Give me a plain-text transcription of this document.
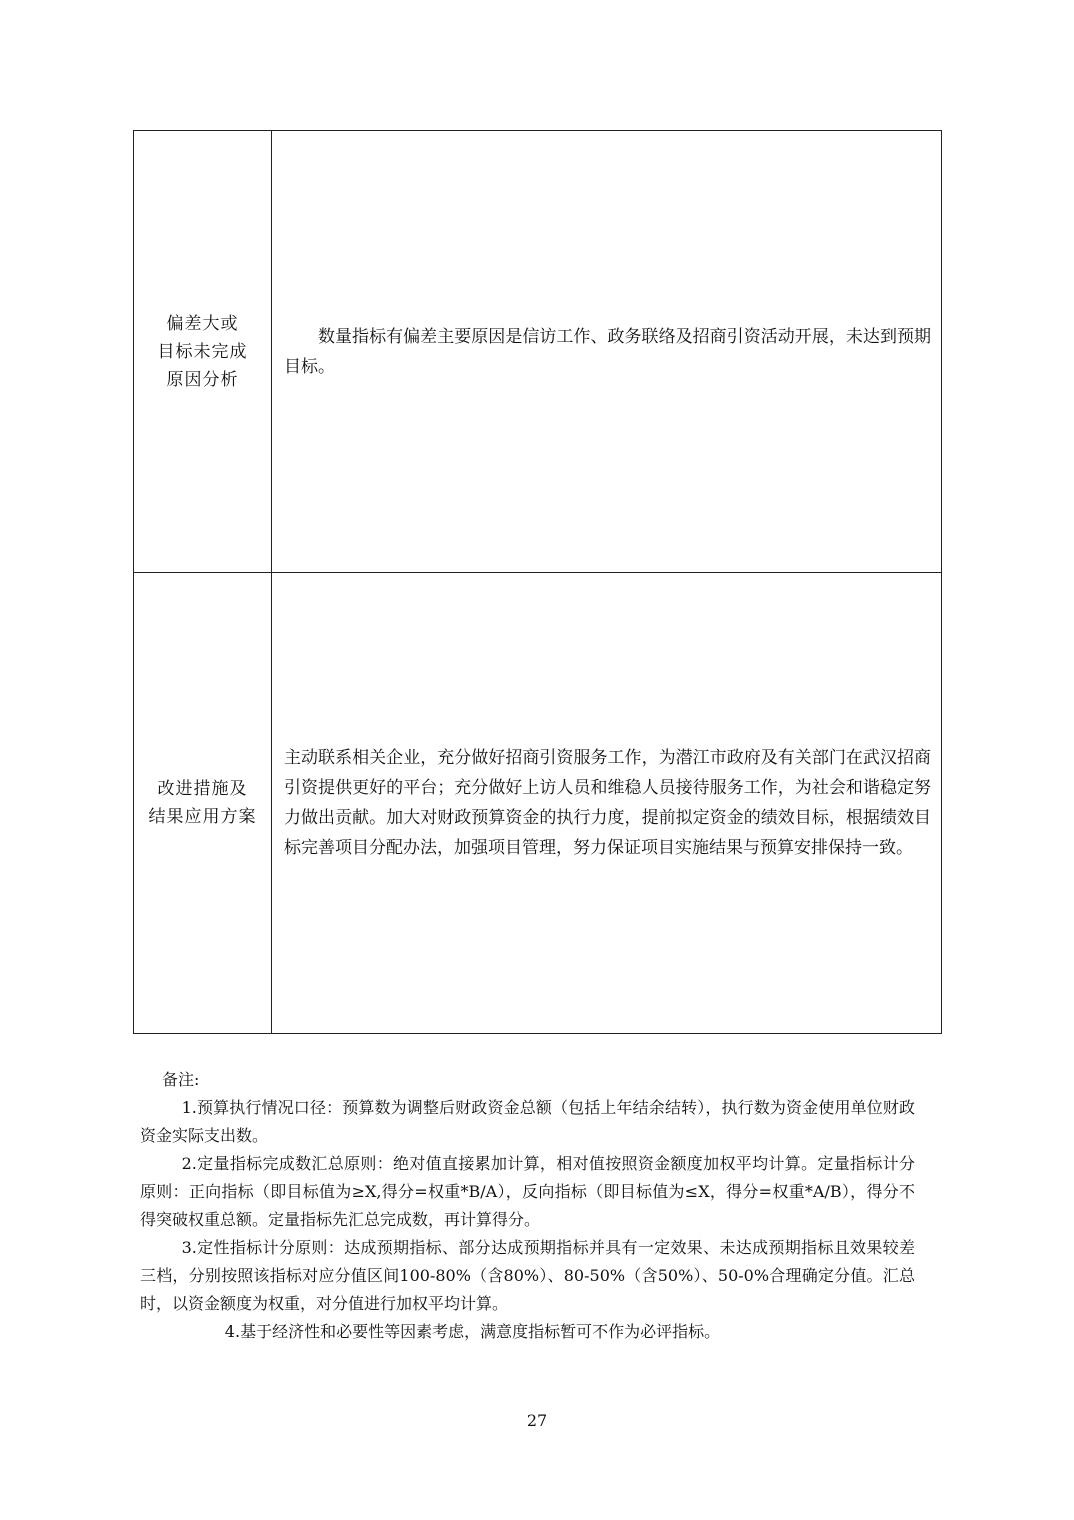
偏差大或
目标未完成
原因分析	数量指标有偏差主要原因是信访工作、政务联络及招商引资活动开展，未达到预期目标。

改进措施及
结果应用方案	主动联系相关企业，充分做好招商引资服务工作，为潜江市政府及有关部门在武汉招商引资提供更好的平台；充分做好上访人员和维稳人员接待服务工作，为社会和谐稳定努力做出贡献。加大对财政预算资金的执行力度，提前拟定资金的绩效目标，根据绩效目标完善项目分配办法，加强项目管理，努力保证项目实施结果与预算安排保持一致。

备注:

1.预算执行情况口径：预算数为调整后财政资金总额（包括上年结余结转），执行数为资金使用单位财政资金实际支出数。

2.定量指标完成数汇总原则：绝对值直接累加计算，相对值按照资金额度加权平均计算。定量指标计分原则：正向指标（即目标值为≥X,得分=权重*B/A），反向指标（即目标值为≤X，得分=权重*A/B），得分不得突破权重总额。定量指标先汇总完成数，再计算得分。

3.定性指标计分原则：达成预期指标、部分达成预期指标并具有一定效果、未达成预期指标且效果较差三档，分别按照该指标对应分值区间100-80%（含80%）、80-50%（含50%）、50-0%合理确定分值。汇总时，以资金额度为权重，对分值进行加权平均计算。

4.基于经济性和必要性等因素考虑，满意度指标暂可不作为必评指标。

27
